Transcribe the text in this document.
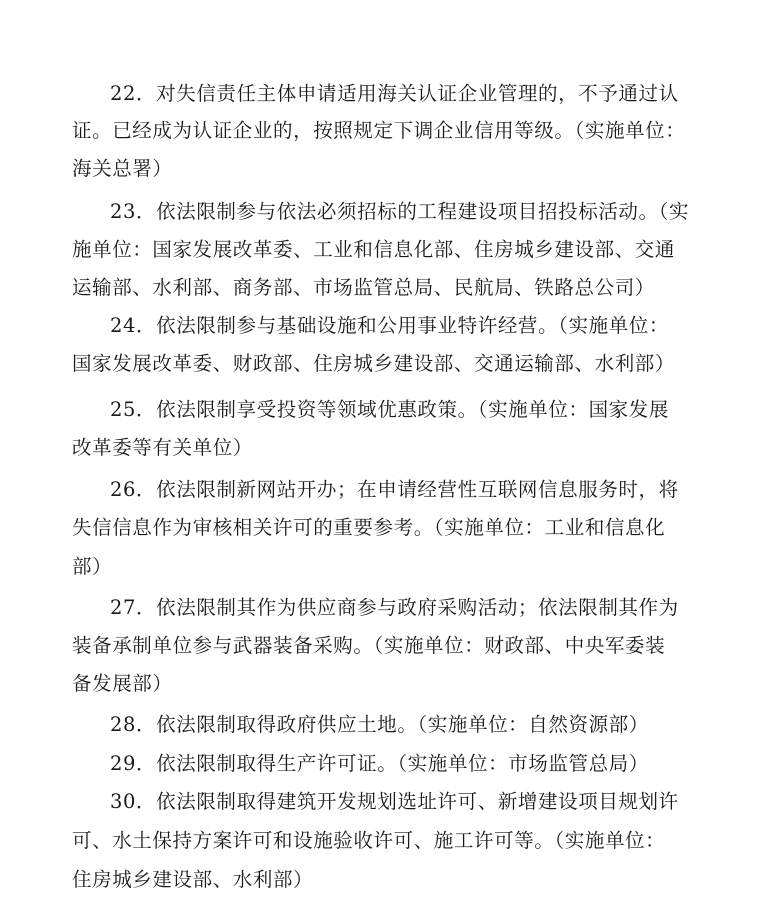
22．对失信责任主体申请适用海关认证企业管理的，不予通过认
证。已经成为认证企业的，按照规定下调企业信用等级。（实施单位：
海关总署）
23．依法限制参与依法必须招标的工程建设项目招投标活动。（实
施单位：国家发展改革委、工业和信息化部、住房城乡建设部、交通
运输部、水利部、商务部、市场监管总局、民航局、铁路总公司）
24．依法限制参与基础设施和公用事业特许经营。（实施单位：
国家发展改革委、财政部、住房城乡建设部、交通运输部、水利部）
25．依法限制享受投资等领域优惠政策。（实施单位：国家发展
改革委等有关单位）
26．依法限制新网站开办；在申请经营性互联网信息服务时，将
失信信息作为审核相关许可的重要参考。（实施单位：工业和信息化
部）
27．依法限制其作为供应商参与政府采购活动；依法限制其作为
装备承制单位参与武器装备采购。（实施单位：财政部、中央军委装
备发展部）
28．依法限制取得政府供应土地。（实施单位：自然资源部）
29．依法限制取得生产许可证。（实施单位：市场监管总局）
30．依法限制取得建筑开发规划选址许可、新增建设项目规划许
可、水土保持方案许可和设施验收许可、施工许可等。（实施单位：
住房城乡建设部、水利部）
